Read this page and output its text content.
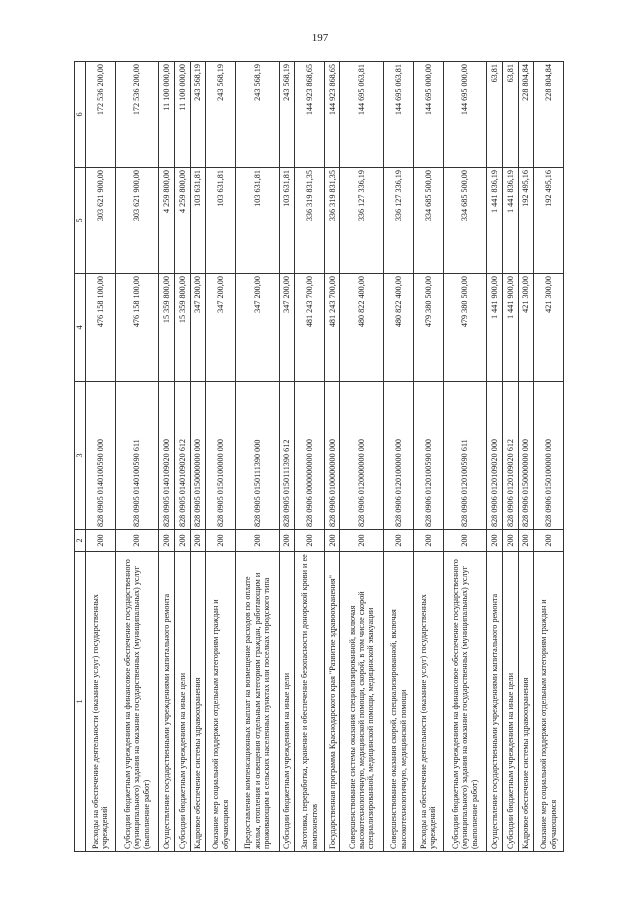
197
1	2	3	4	5	6
Расходы на обеспечение деятельности (оказание услуг) государственных учреждений	200	828 0905 0140100590 000	476 158 100,00	303 621 900,00	172 536 200,00
Субсидии бюджетным учреждениям на финансовое обеспечение государственного (муниципального) задания на оказание государственных (муниципальных) услуг (выполнение работ)	200	828 0905 0140100590 611	476 158 100,00	303 621 900,00	172 536 200,00
Осуществление государственными учреждениями капитального ремонта	200	828 0905 0140109020 000	15 359 800,00	4 259 800,00	11 100 000,00
Субсидии бюджетным учреждениям на иные цели	200	828 0905 0140109020 612	15 359 800,00	4 259 800,00	11 100 000,00
Кадровое обеспечение системы здравоохранения	200	828 0905 0150000000 000	347 200,00	103 631,81	243 568,19
Оказание мер социальной поддержки отдельным категориям граждан и обучающимся	200	828 0905 0150100000 000	347 200,00	103 631,81	243 568,19
Предоставление компенсационных выплат на возмещение расходов по оплате жилья, отопления и освещения отдельным категориям граждан, работающим и проживающим в сельских населенных пунктах или поселках городского типа	200	828 0905 0150111390 000	347 200,00	103 631,81	243 568,19
Субсидии бюджетным учреждениям на иные цели	200	828 0905 0150111390 612	347 200,00	103 631,81	243 568,19
Заготовка, переработка, хранение и обеспечение безопасности донорской крови и ее компонентов	200	828 0906 0000000000 000	481 243 700,00	336 319 831,35	144 923 868,65
Государственная программа Краснодарского края "Развитие здравоохранения"	200	828 0906 0100000000 000	481 243 700,00	336 319 831,35	144 923 868,65
Совершенствование системы оказания специализированной, включая высокотехнологичную, медицинской помощи, скорой, в том числе скорой специализированной, медицинской помощи, медицинской эвакуации	200	828 0906 0120000000 000	480 822 400,00	336 127 336,19	144 695 063,81
Совершенствование оказания скорой, специализированной, включая высокотехнологичную, медицинской помощи	200	828 0906 0120100000 000	480 822 400,00	336 127 336,19	144 695 063,81
Расходы на обеспечение деятельности (оказание услуг) государственных учреждений	200	828 0906 0120100590 000	479 380 500,00	334 685 500,00	144 695 000,00
Субсидии бюджетным учреждениям на финансовое обеспечение государственного (муниципального) задания на оказание государственных (муниципальных) услуг (выполнение работ)	200	828 0906 0120100590 611	479 380 500,00	334 685 500,00	144 695 000,00
Осуществление государственными учреждениями капитального ремонта	200	828 0906 0120109020 000	1 441 900,00	1 441 836,19	63,81
Субсидии бюджетным учреждениям на иные цели	200	828 0906 0120109020 612	1 441 900,00	1 441 836,19	63,81
Кадровое обеспечение системы здравоохранения	200	828 0906 0150000000 000	421 300,00	192 495,16	228 804,84
Оказание мер социальной поддержки отдельным категориям граждан и обучающимся	200	828 0906 0150100000 000	421 300,00	192 495,16	228 804,84
